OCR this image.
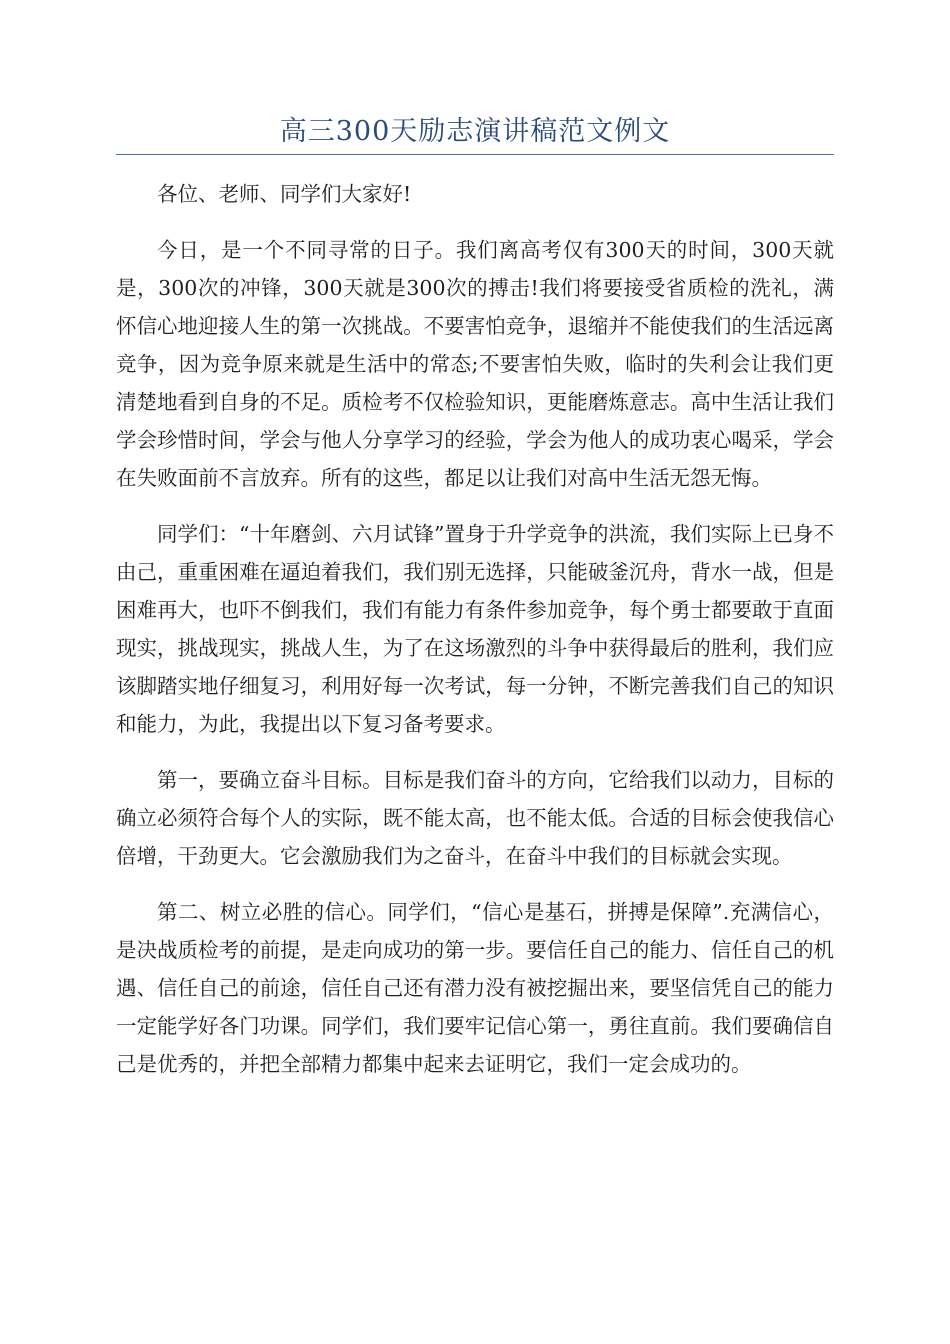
高三300天励志演讲稿范文例文

各位、老师、同学们大家好!

今日，是一个不同寻常的日子。我们离高考仅有300天的时间，300天就是，300次的冲锋，300天就是300次的搏击!我们将要接受省质检的洗礼，满怀信心地迎接人生的第一次挑战。不要害怕竞争，退缩并不能使我们的生活远离竞争，因为竞争原来就是生活中的常态;不要害怕失败，临时的失利会让我们更清楚地看到自身的不足。质检考不仅检验知识，更能磨炼意志。高中生活让我们学会珍惜时间，学会与他人分享学习的经验，学会为他人的成功衷心喝采，学会在失败面前不言放弃。所有的这些，都足以让我们对高中生活无怨无悔。

同学们：“十年磨剑、六月试锋”置身于升学竞争的洪流，我们实际上已身不由己，重重困难在逼迫着我们，我们别无选择，只能破釜沉舟，背水一战，但是困难再大，也吓不倒我们，我们有能力有条件参加竞争，每个勇士都要敢于直面现实，挑战现实，挑战人生，为了在这场激烈的斗争中获得最后的胜利，我们应该脚踏实地仔细复习，利用好每一次考试，每一分钟，不断完善我们自己的知识和能力，为此，我提出以下复习备考要求。

第一，要确立奋斗目标。目标是我们奋斗的方向，它给我们以动力，目标的确立必须符合每个人的实际，既不能太高，也不能太低。合适的目标会使我信心倍增，干劲更大。它会激励我们为之奋斗，在奋斗中我们的目标就会实现。

第二、树立必胜的信心。同学们，“信心是基石，拼搏是保障”.充满信心，是决战质检考的前提，是走向成功的第一步。要信任自己的能力、信任自己的机遇、信任自己的前途，信任自己还有潜力没有被挖掘出来，要坚信凭自己的能力一定能学好各门功课。同学们，我们要牢记信心第一，勇往直前。我们要确信自己是优秀的，并把全部精力都集中起来去证明它，我们一定会成功的。
